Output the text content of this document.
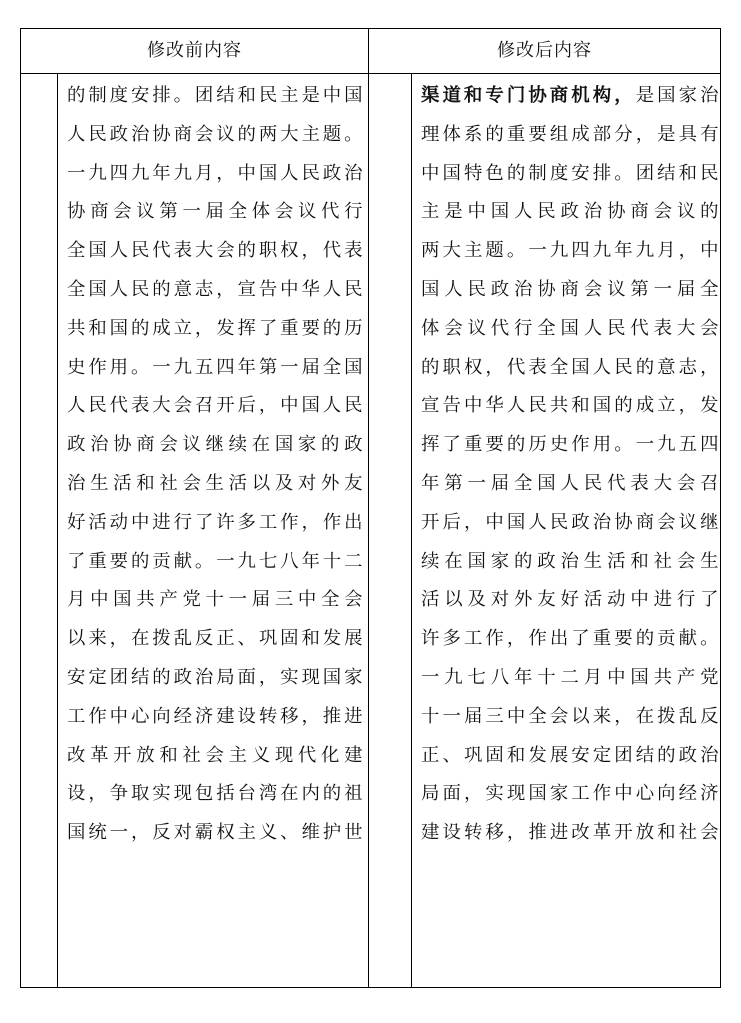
修改前内容	修改后内容
的制度安排。团结和民主是中国
人民政治协商会议的两大主题。
一九四九年九月，中国人民政治
协商会议第一届全体会议代行
全国人民代表大会的职权，代表
全国人民的意志，宣告中华人民
共和国的成立，发挥了重要的历
史作用。一九五四年第一届全国
人民代表大会召开后，中国人民
政治协商会议继续在国家的政
治生活和社会生活以及对外友
好活动中进行了许多工作，作出
了重要的贡献。一九七八年十二
月中国共产党十一届三中全会
以来，在拨乱反正、巩固和发展
安定团结的政治局面，实现国家
工作中心向经济建设转移，推进
改革开放和社会主义现代化建
设，争取实现包括台湾在内的祖
国统一，反对霸权主义、维护世
渠道和专门协商机构，是国家治
理体系的重要组成部分，是具有
中国特色的制度安排。团结和民
主是中国人民政治协商会议的
两大主题。一九四九年九月，中
国人民政治协商会议第一届全
体会议代行全国人民代表大会
的职权，代表全国人民的意志，
宣告中华人民共和国的成立，发
挥了重要的历史作用。一九五四
年第一届全国人民代表大会召
开后，中国人民政治协商会议继
续在国家的政治生活和社会生
活以及对外友好活动中进行了
许多工作，作出了重要的贡献。
一九七八年十二月中国共产党
十一届三中全会以来，在拨乱反
正、巩固和发展安定团结的政治
局面，实现国家工作中心向经济
建设转移，推进改革开放和社会
